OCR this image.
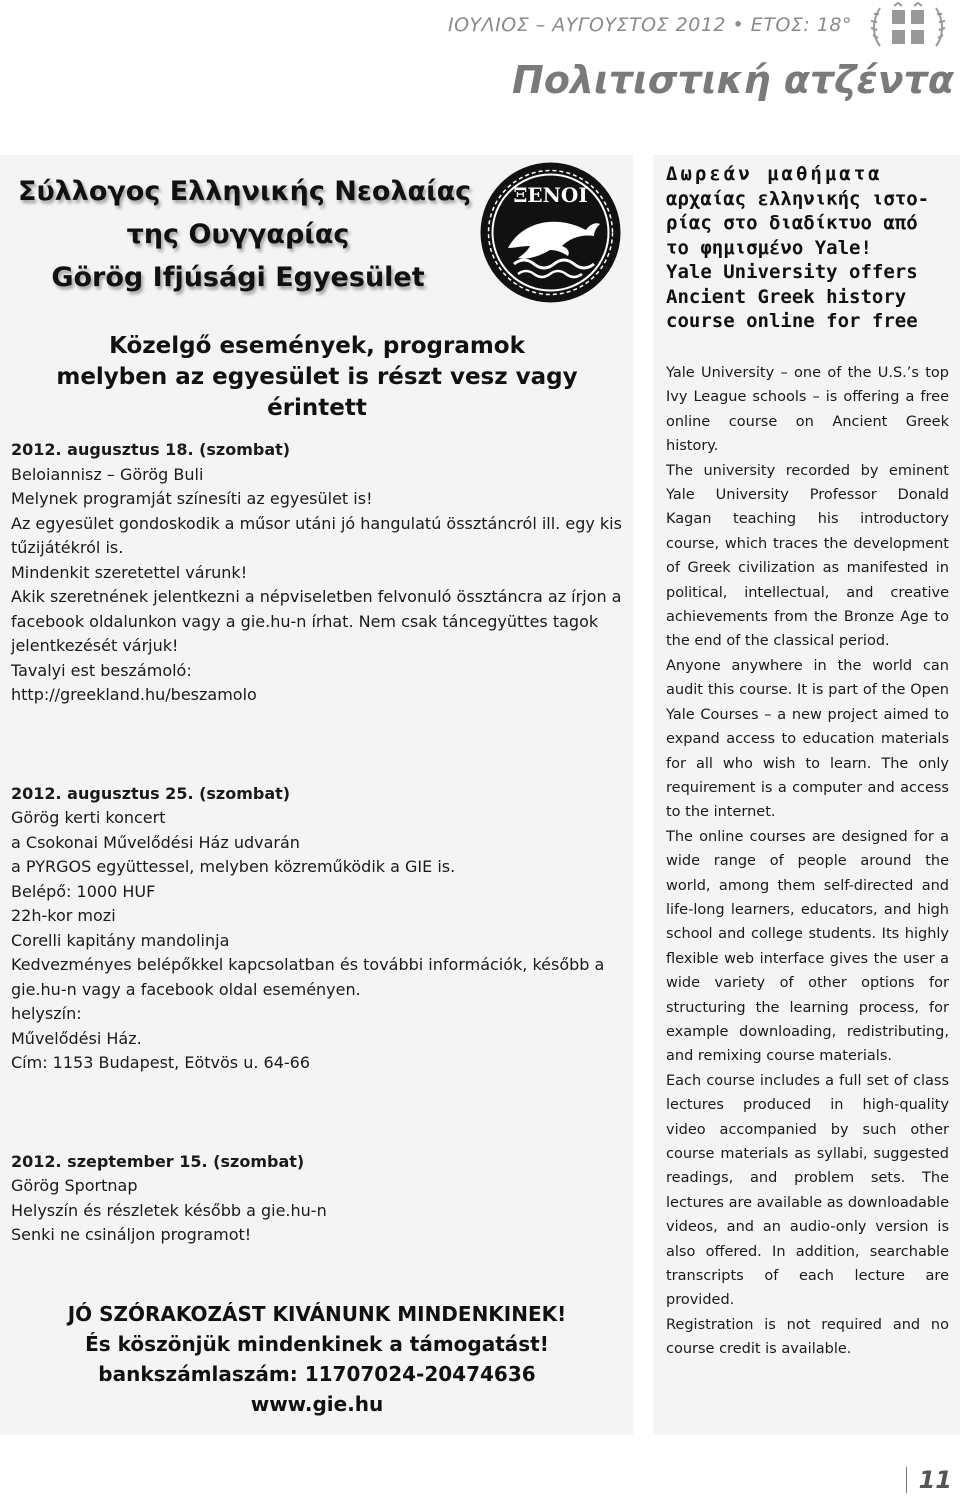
ΙΟΥΛΙΟΣ – ΑΥΓΟΥΣΤΟΣ 2012 • ΕΤΟΣ: 18°
Πολιτιστική ατζέντα
Σύλλογος Ελληνικής Νεολαίας
της Ουγγαρίας
Görög Ifjúsági Egyesület
ΞΕΝΟΙ
Közelgő események, programok
melyben az egyesület is részt vesz vagy érintett

2012. augusztus 18. (szombat)

Beloiannisz – Görög Buli

Melynek programját színesíti az egyesület is!

Az egyesület gondoskodik a műsor utáni jó hangulatú össztáncról ill. egy kis tűzijátékról is.

Mindenkit szeretettel várunk!

Akik szeretnének jelentkezni a népviseletben felvonuló össztáncra az írjon a facebook oldalunkon vagy a gie.hu-n írhat. Nem csak táncegyüttes tagok jelentkezését várjuk!

Tavalyi est beszámoló:

http://greekland.hu/beszamolo

2012. augusztus 25. (szombat)

Görög kerti koncert

a Csokonai Művelődési Ház udvarán

a PYRGOS együttessel, melyben közreműködik a GIE is.

Belépő: 1000 HUF

22h-kor mozi

Corelli kapitány mandolinja

Kedvezményes belépőkkel kapcsolatban és további információk, később a gie.hu-n vagy a facebook oldal eseményen.

helyszín:

Művelődési Ház.

Cím: 1153 Budapest, Eötvös u. 64-66

2012. szeptember 15. (szombat)

Görög Sportnap

Helyszín és részletek később a gie.hu-n

Senki ne csináljon programot!

JÓ SZÓRAKOZÁST KIVÁNUNK MINDENKINEK!
És köszönjük mindenkinek a támogatást!
bankszámlaszám: 11707024-20474636
www.gie.hu
Δωρεάν μαθήματα
αρχαίας ελληνικής ιστο-
ρίας στο διαδίκτυο από
το φημισμένο Yale!
Yale University offers
Ancient Greek history
course online for free

Yale University – one of the U.S.’s top Ivy League schools – is offering a free online course on Ancient Greek history.

The university recorded by eminent Yale University Professor Donald Kagan teaching his introductory course, which traces the development of Greek civilization as manifested in political, intellectual, and creative achievements from the Bronze Age to the end of the classical period.

Anyone anywhere in the world can audit this course. It is part of the Open Yale Courses – a new project aimed to expand access to education materials for all who wish to learn. The only requirement is a computer and access to the internet.

The online courses are designed for a wide range of people around the world, among them self-directed and life-long learners, educators, and high school and college students. Its highly flexible web interface gives the user a wide variety of other options for structuring the learning process, for example downloading, redistributing, and remixing course materials.

Each course includes a full set of class lectures produced in high-quality video accompanied by such other course materials as syllabi, suggested readings, and problem sets. The lectures are available as downloadable videos, and an audio-only version is also offered. In addition, searchable transcripts of each lecture are provided.

Registration is not required and no course credit is available.

11
